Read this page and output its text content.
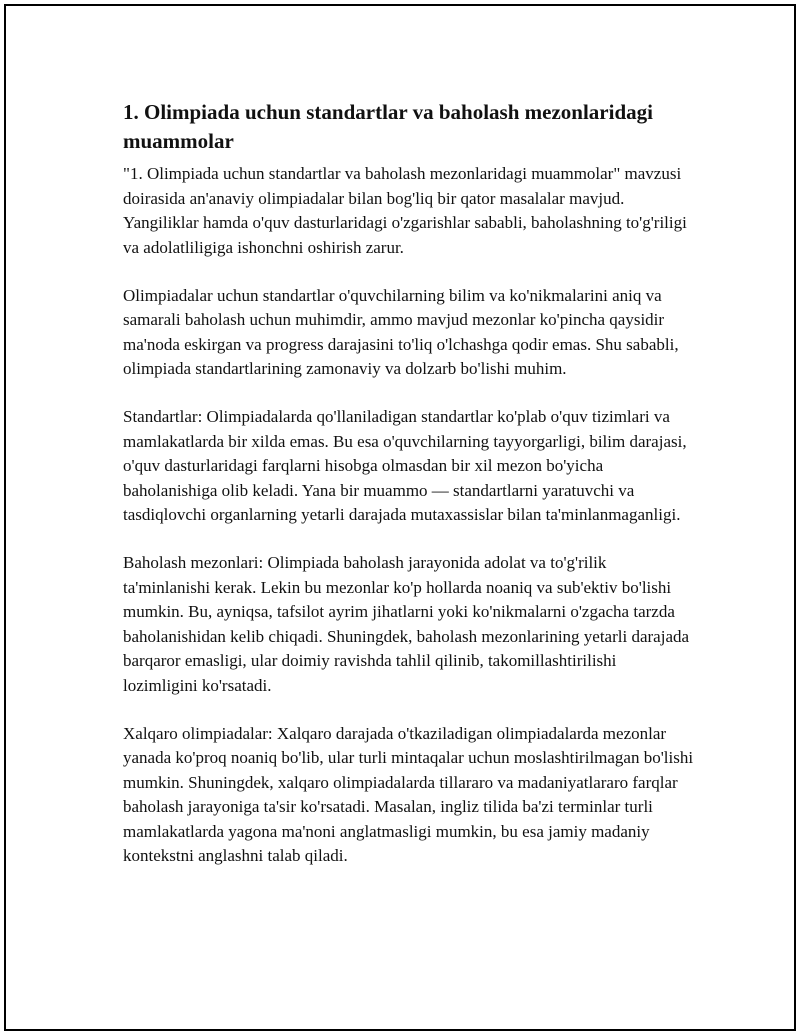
1. Olimpiada uchun standartlar va baholash mezonlaridagi muammolar

"1. Olimpiada uchun standartlar va baholash mezonlaridagi muammolar" mavzusi doirasida an'anaviy olimpiadalar bilan bog'liq bir qator masalalar mavjud. Yangiliklar hamda o'quv dasturlaridagi o'zgarishlar sababli, baholashning to'g'riligi va adolatliligiga ishonchni oshirish zarur.

Olimpiadalar uchun standartlar o'quvchilarning bilim va ko'nikmalarini aniq va samarali baholash uchun muhimdir, ammo mavjud mezonlar ko'pincha qaysidir ma'noda eskirgan va progress darajasini to'liq o'lchashga qodir emas. Shu sababli, olimpiada standartlarining zamonaviy va dolzarb bo'lishi muhim.

Standartlar: Olimpiadalarda qo'llaniladigan standartlar ko'plab o'quv tizimlari va mamlakatlarda bir xilda emas. Bu esa o'quvchilarning tayyorgarligi, bilim darajasi, o'quv dasturlaridagi farqlarni hisobga olmasdan bir xil mezon bo'yicha baholanishiga olib keladi. Yana bir muammo — standartlarni yaratuvchi va tasdiqlovchi organlarning yetarli darajada mutaxassislar bilan ta'minlanmaganligi.

Baholash mezonlari: Olimpiada baholash jarayonida adolat va to'g'rilik ta'minlanishi kerak. Lekin bu mezonlar ko'p hollarda noaniq va sub'ektiv bo'lishi mumkin. Bu, ayniqsa, tafsilot ayrim jihatlarni yoki ko'nikmalarni o'zgacha tarzda baholanishidan kelib chiqadi. Shuningdek, baholash mezonlarining yetarli darajada barqaror emasligi, ular doimiy ravishda tahlil qilinib, takomillashtirilishi lozimligini ko'rsatadi.

Xalqaro olimpiadalar: Xalqaro darajada o'tkaziladigan olimpiadalarda mezonlar yanada ko'proq noaniq bo'lib, ular turli mintaqalar uchun moslashtirilmagan bo'lishi mumkin. Shuningdek, xalqaro olimpiadalarda tillararo va madaniyatlararo farqlar baholash jarayoniga ta'sir ko'rsatadi. Masalan, ingliz tilida ba'zi terminlar turli mamlakatlarda yagona ma'noni anglatmasligi mumkin, bu esa jamiy madaniy kontekstni anglashni talab qiladi.
